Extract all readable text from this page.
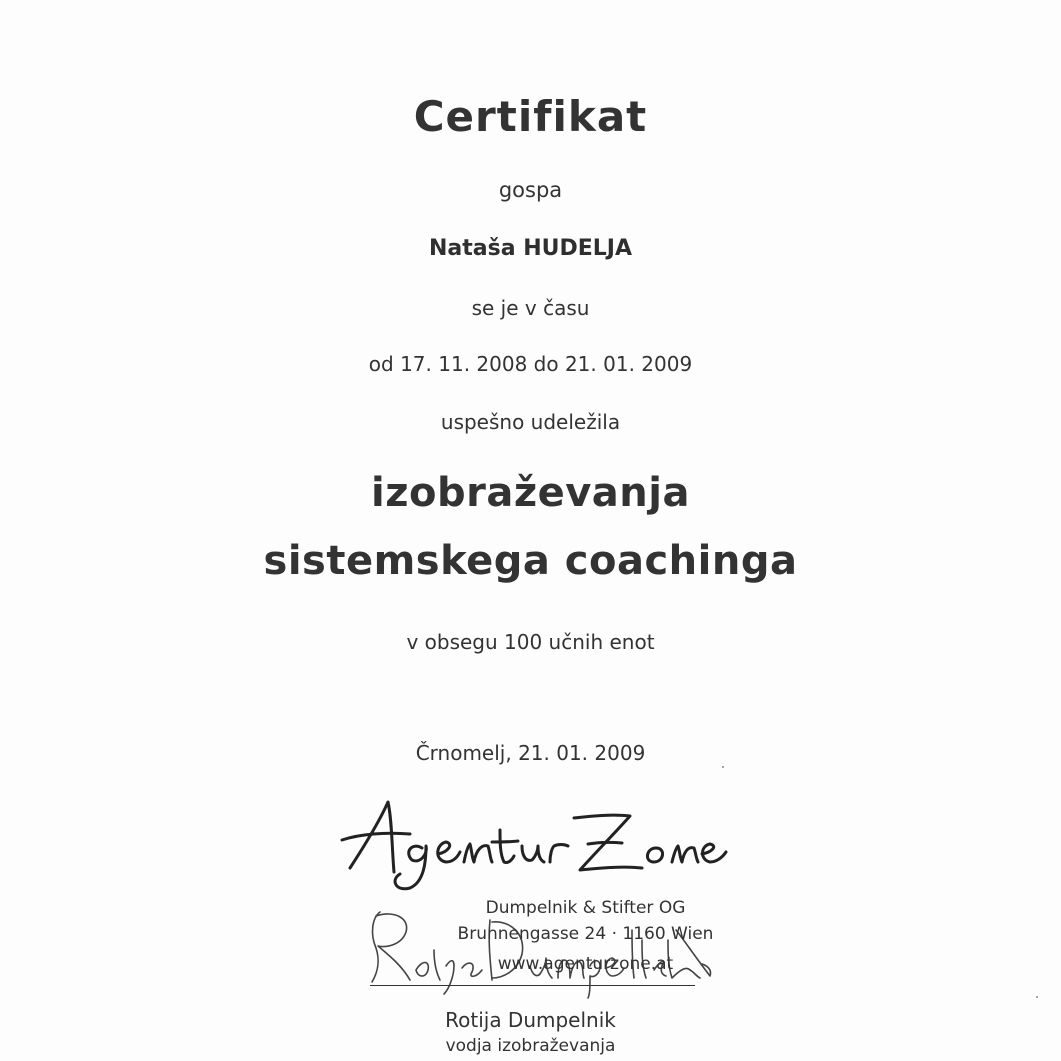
Certifikat
gospa
Nataša HUDELJA
se je v času
od 17. 11. 2008 do 21. 01. 2009
uspešno udeležila
izobraževanja
sistemskega coachinga
v obsegu 100 učnih enot
Črnomelj, 21. 01. 2009
Dumpelnik & Stifter OG
Brunnengasse 24 · 1160 Wien
www.agenturzone.at
Rotija Dumpelnik
vodja izobraževanja
